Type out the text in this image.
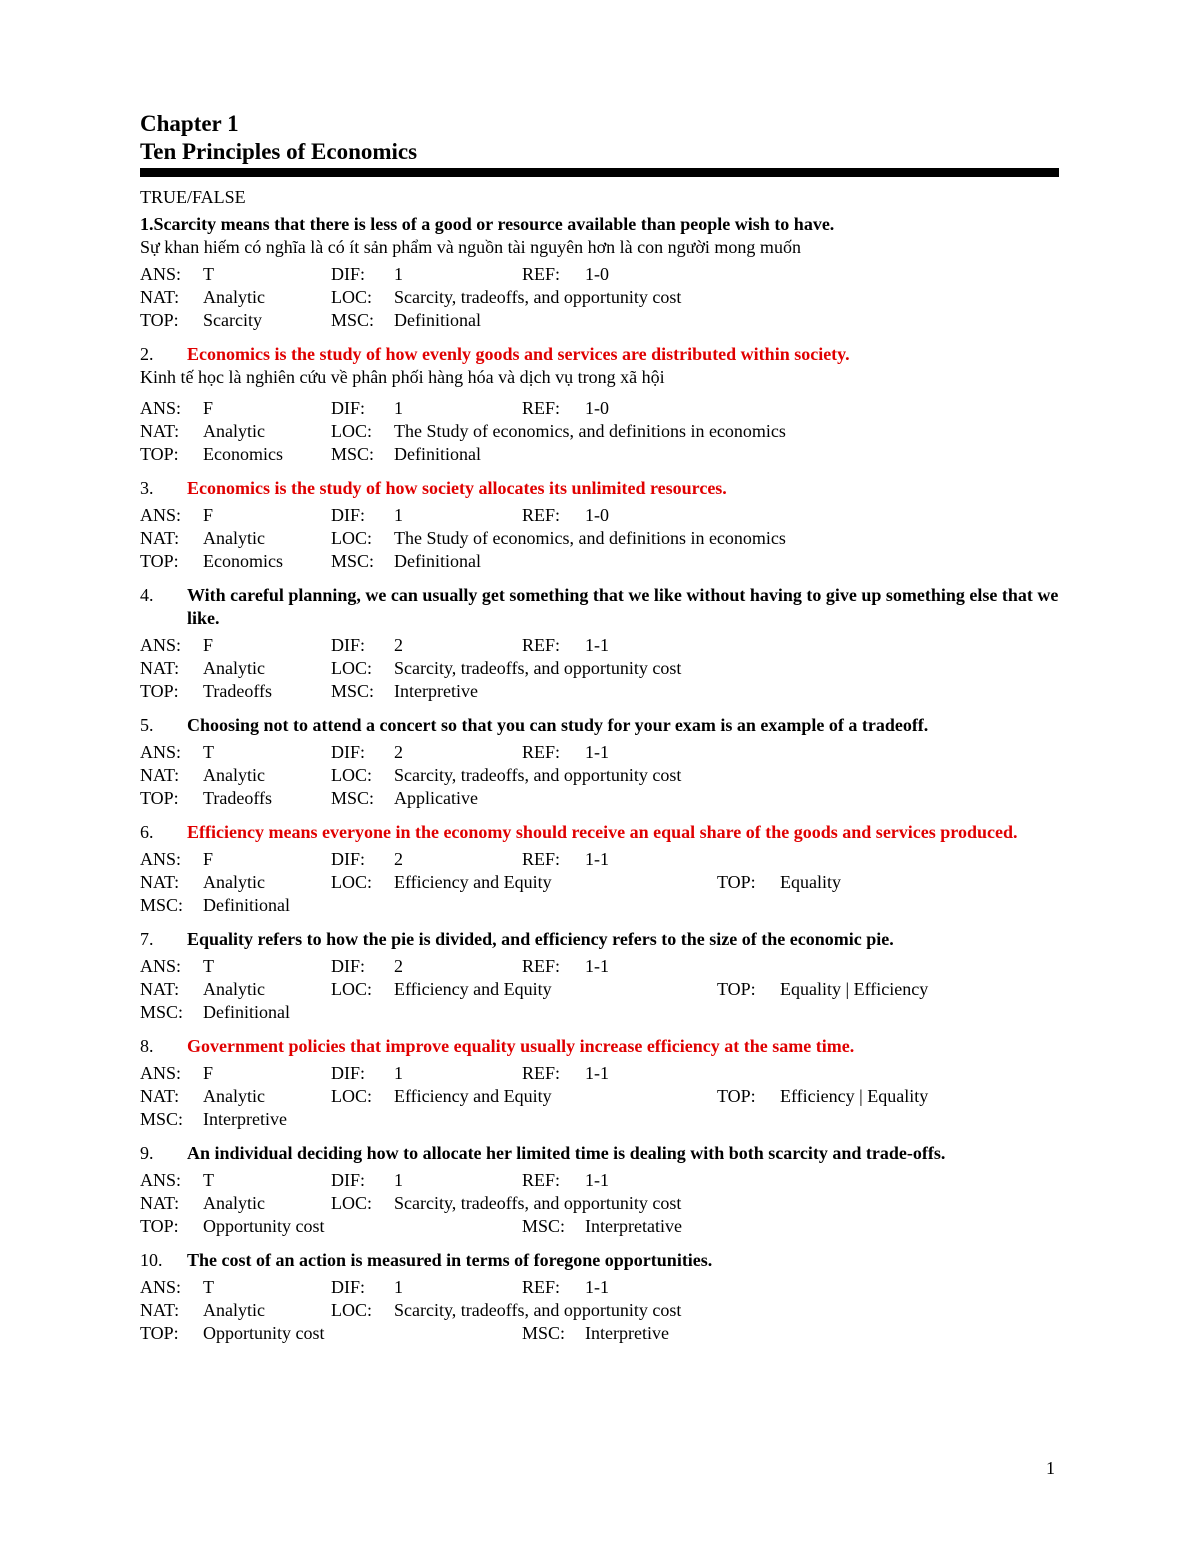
Chapter 1
Ten Principles of Economics
TRUE/FALSE
1. Scarcity means that there is less of a good or resource available than people wish to have.
Sự khan hiếm có nghĩa là có ít sản phẩm và nguồn tài nguyên hơn là con người mong muốn
ANS:	T	DIF:	1	REF:	1-0
NAT:	Analytic	LOC:	Scarcity, tradeoffs, and opportunity cost
TOP:	Scarcity	MSC:	Definitional
2.	Economics is the study of how evenly goods and services are distributed within society.
Kinh tế học là nghiên cứu về phân phối hàng hóa và dịch vụ trong xã hội
ANS:	F	DIF:	1	REF:	1-0
NAT:	Analytic	LOC:	The Study of economics, and definitions in economics
TOP:	Economics	MSC:	Definitional
3.	Economics is the study of how society allocates its unlimited resources.
ANS:	F	DIF:	1	REF:	1-0
NAT:	Analytic	LOC:	The Study of economics, and definitions in economics
TOP:	Economics	MSC:	Definitional
4.	With careful planning, we can usually get something that we like without having to give up something else that we like.
ANS:	F	DIF:	2	REF:	1-1
NAT:	Analytic	LOC:	Scarcity, tradeoffs, and opportunity cost
TOP:	Tradeoffs	MSC:	Interpretive
5.	Choosing not to attend a concert so that you can study for your exam is an example of a tradeoff.
ANS:	T	DIF:	2	REF:	1-1
NAT:	Analytic	LOC:	Scarcity, tradeoffs, and opportunity cost
TOP:	Tradeoffs	MSC:	Applicative
6.	Efficiency means everyone in the economy should receive an equal share of the goods and services produced.
ANS:	F	DIF:	2	REF:	1-1
NAT:	Analytic	LOC:	Efficiency and Equity	TOP:	Equality
MSC:	Definitional
7.	Equality refers to how the pie is divided, and efficiency refers to the size of the economic pie.
ANS:	T	DIF:	2	REF:	1-1
NAT:	Analytic	LOC:	Efficiency and Equity	TOP:	Equality | Efficiency
MSC:	Definitional
8.	Government policies that improve equality usually increase efficiency at the same time.
ANS:	F	DIF:	1	REF:	1-1
NAT:	Analytic	LOC:	Efficiency and Equity	TOP:	Efficiency | Equality
MSC:	Interpretive
9.	An individual deciding how to allocate her limited time is dealing with both scarcity and trade-offs.
ANS:	T	DIF:	1	REF:	1-1
NAT:	Analytic	LOC:	Scarcity, tradeoffs, and opportunity cost
TOP:	Opportunity cost	MSC:	Interpretative
10.	The cost of an action is measured in terms of foregone opportunities.
ANS:	T	DIF:	1	REF:	1-1
NAT:	Analytic	LOC:	Scarcity, tradeoffs, and opportunity cost
TOP:	Opportunity cost	MSC:	Interpretive
1
